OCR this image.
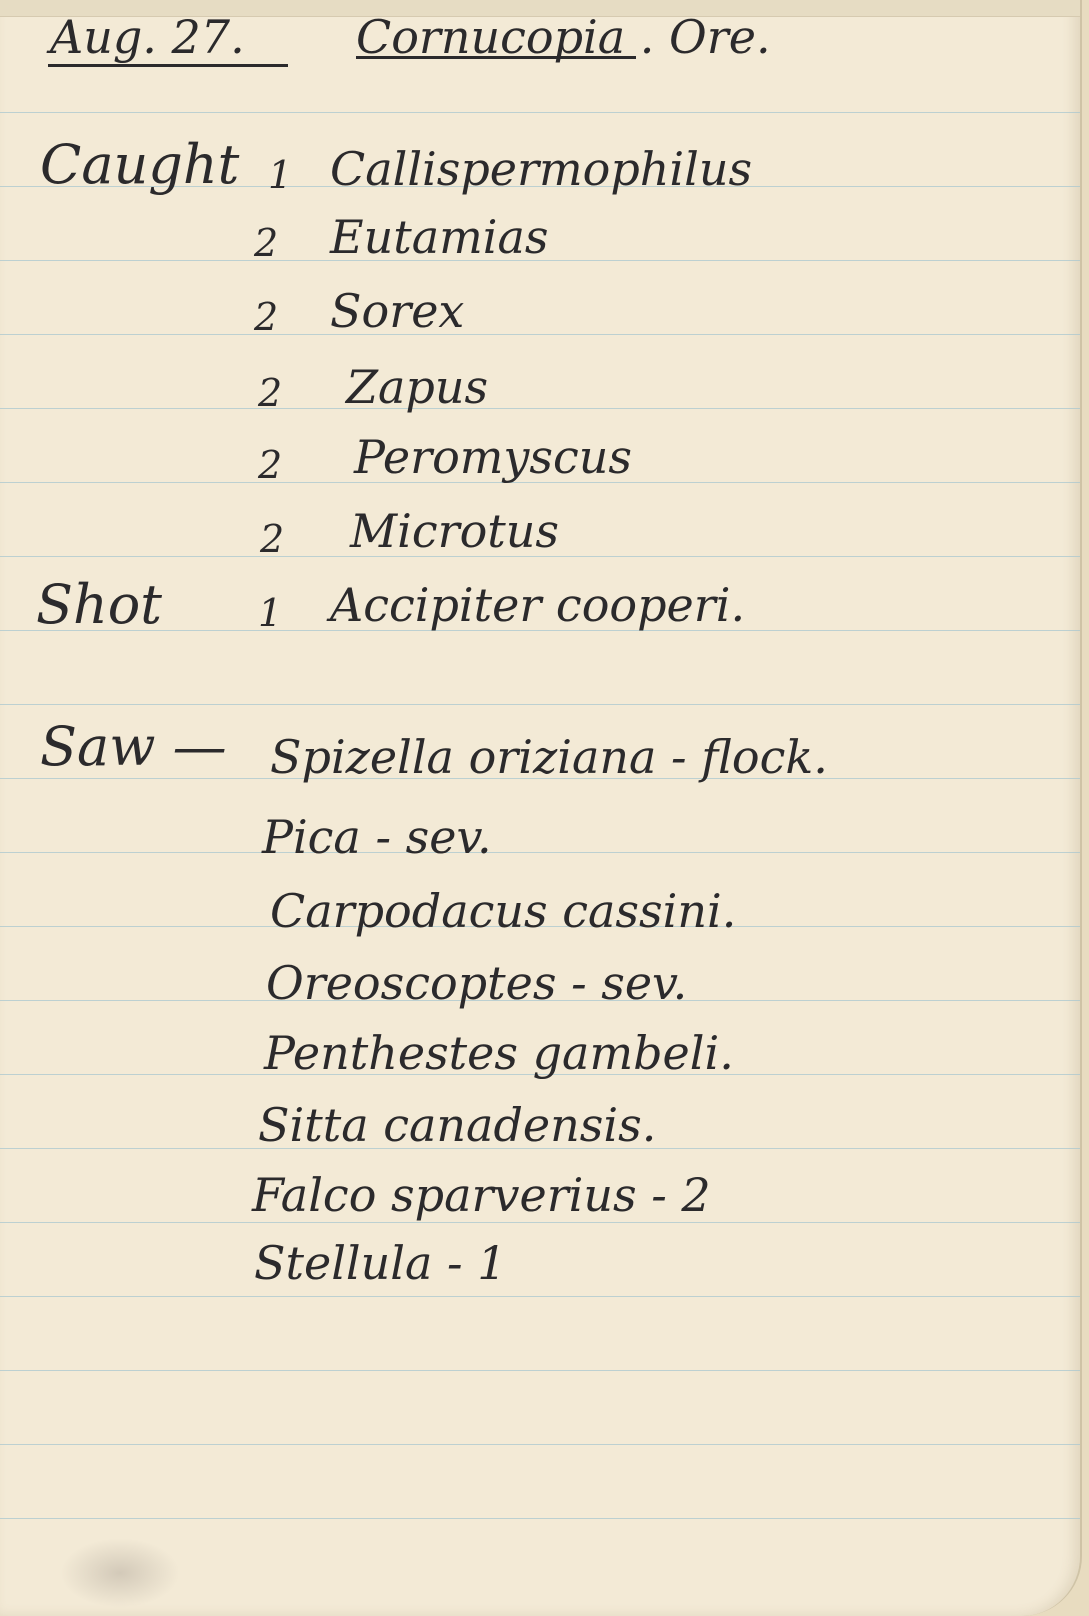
Aug. 27. Cornucopia . Ore.
Caught 1 Callispermophilus
2 Eutamias
2 Sorex
2 Zapus
2 Peromyscus
2 Microtus
Shot	1 Accipiter cooperi.
Saw — Spizella oriziana - flock.
Pica - sev.
Carpodacus cassini.
Oreoscoptes - sev.
Penthestes gambeli.
Sitta canadensis.
Falco sparverius - 2
Stellula - 1
